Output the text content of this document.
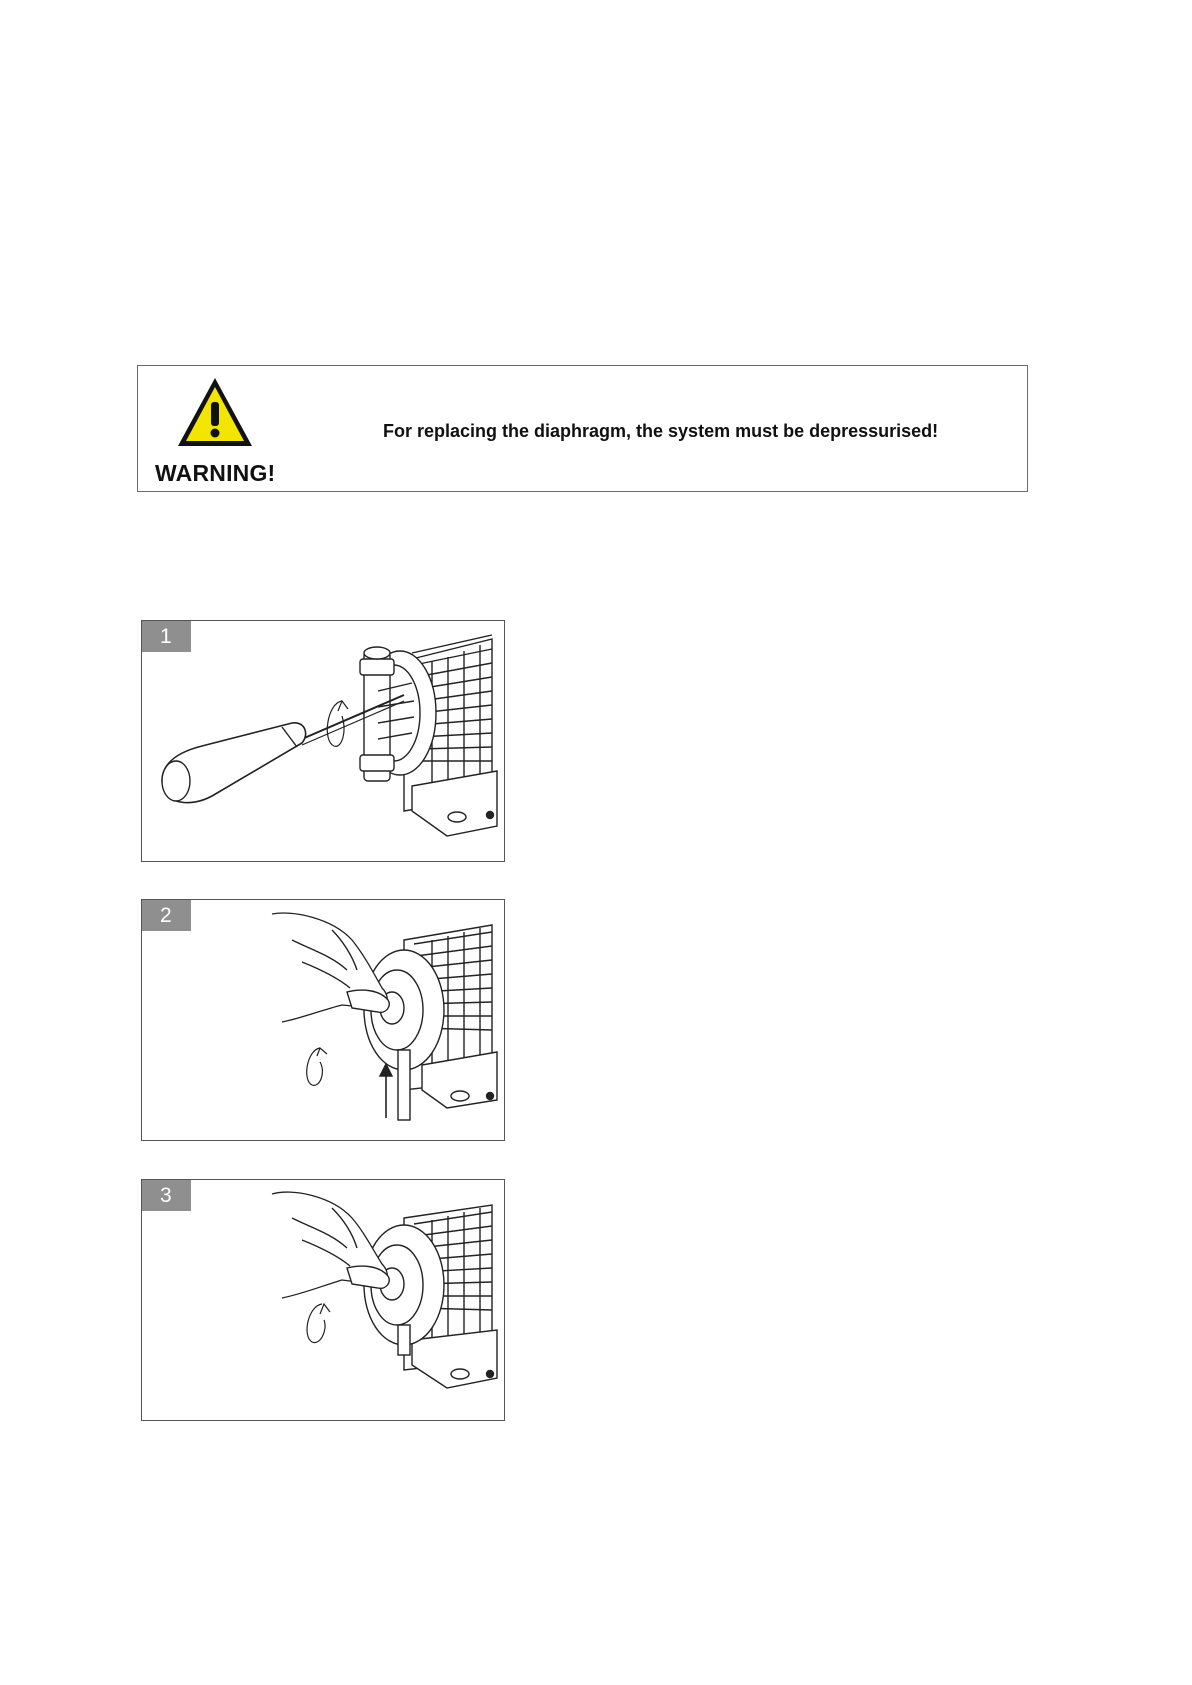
WARNING!
For replacing the diaphragm, the system must be depressurised!
1
2
3
